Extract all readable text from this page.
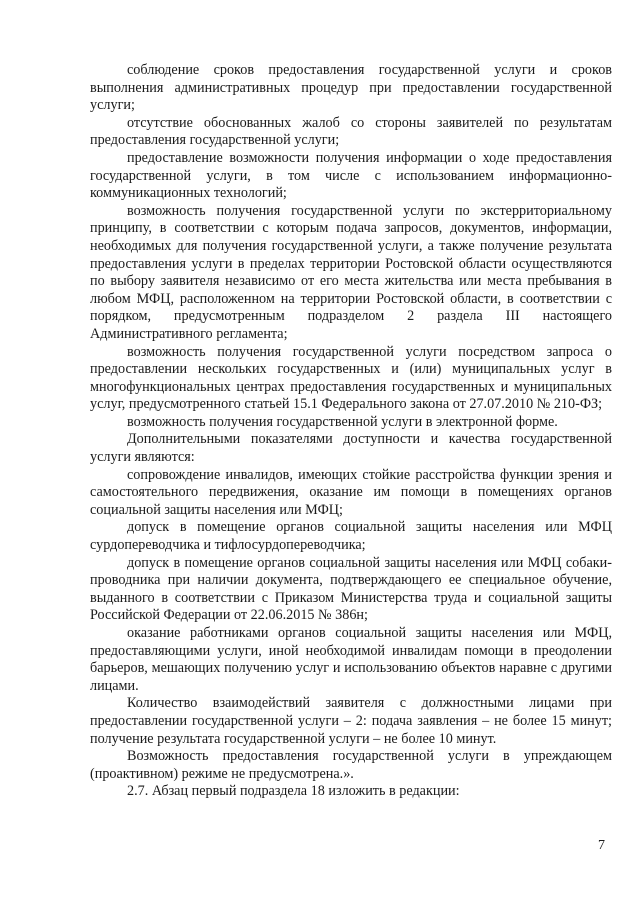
соблюдение сроков предоставления государственной услуги и сроков выполнения административных процедур при предоставлении государственной услуги;

отсутствие обоснованных жалоб со стороны заявителей по результатам предоставления государственной услуги;

предоставление возможности получения информации о ходе предоставления государственной услуги, в том числе с использованием информационно-коммуникационных технологий;

возможность получения государственной услуги по экстерриториальному принципу, в соответствии с которым подача запросов, документов, информации, необходимых для получения государственной услуги, а также получение результата предоставления услуги в пределах территории Ростовской области осуществляются по выбору заявителя независимо от его места жительства или места пребывания в любом МФЦ, расположенном на территории Ростовской области, в соответствии с порядком, предусмотренным подразделом 2 раздела III настоящего Административного регламента;

возможность получения государственной услуги посредством запроса о предоставлении нескольких государственных и (или) муниципальных услуг в многофункциональных центрах предоставления государственных и муниципальных услуг, предусмотренного статьей 15.1 Федерального закона от 27.07.2010 № 210-ФЗ;

возможность получения государственной услуги в электронной форме.

Дополнительными показателями доступности и качества государственной услуги являются:

сопровождение инвалидов, имеющих стойкие расстройства функции зрения и самостоятельного передвижения, оказание им помощи в помещениях органов социальной защиты населения или МФЦ;

допуск в помещение органов социальной защиты населения или МФЦ сурдопереводчика и тифлосурдопереводчика;

допуск в помещение органов социальной защиты населения или МФЦ собаки-проводника при наличии документа, подтверждающего ее специальное обучение, выданного в соответствии с Приказом Министерства труда и социальной защиты Российской Федерации от 22.06.2015 № 386н;

оказание работниками органов социальной защиты населения или МФЦ, предоставляющими услуги, иной необходимой инвалидам помощи в преодолении барьеров, мешающих получению услуг и использованию объектов наравне с другими лицами.

Количество взаимодействий заявителя с должностными лицами при предоставлении государственной услуги – 2: подача заявления – не более 15 минут; получение результата государственной услуги – не более 10 минут.

Возможность предоставления государственной услуги в упреждающем (проактивном) режиме не предусмотрена.».

2.7. Абзац первый подраздела 18 изложить в редакции:

7
